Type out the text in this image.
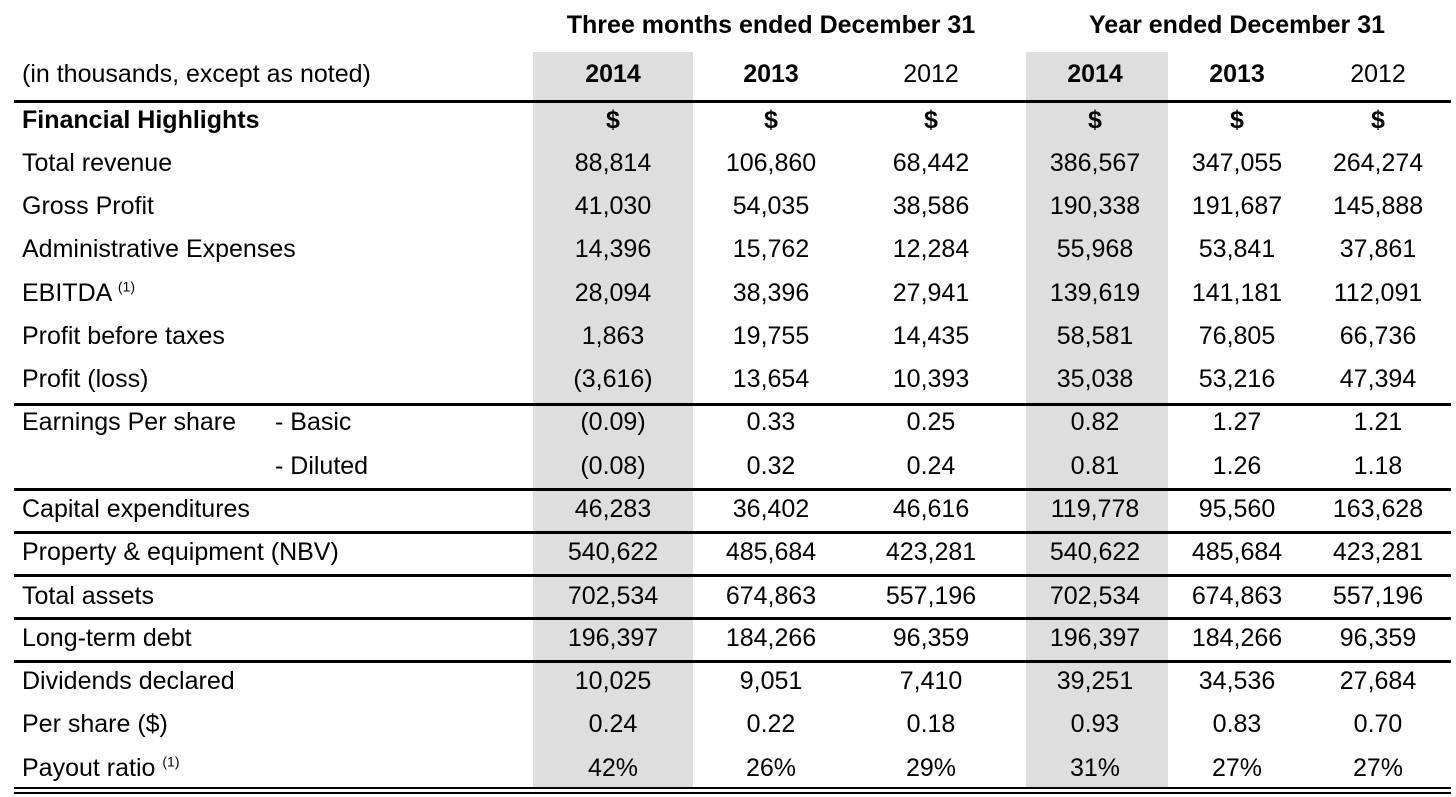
Three months ended December 31	Year ended December 31
(in thousands, except as noted)	2014	2013	2012	2014	2013	2012
Financial Highlights	$	$	$	$	$	$
Total revenue	88,814	106,860	68,442	386,567 347,055 264,274
Gross Profit	41,030	54,035	38,586	190,338 191,687 145,888
Administrative Expenses	14,396	15,762	12,284	55,968	53,841	37,861
EBITDA $^{(1)}$	28,094	38,396	27,941	139,619 141,181 112,091
Profit before taxes	1,863	19,755	14,435	58,581	76,805	66,736
Profit (loss)	(3,616)	13,654	10,393	35,038	53,216	47,394
Earnings Per share - Basic	(0.09)	0.33	0.25	0.82	1.27	1.21
- Diluted	(0.08)	0.32	0.24	0.81	1.26	1.18
Capital expenditures	46,283	36,402	46,616	119,778 95,560 163,628
Property & equipment (NBV)	540,622	485,684	423,281	540,622 485,684 423,281
Total assets	702,534	674,863	557,196	702,534 674,863 557,196
Long-term debt	196,397	184,266	96,359	196,397 184,266 96,359
Dividends declared	10,025	9,051	7,410	39,251	34,536	27,684
Per share ($)	0.24	0.22	0.18	0.93	0.83	0.70
Payout ratio $^{(1)}$	42%	26%	29%	31%	27%	27%
